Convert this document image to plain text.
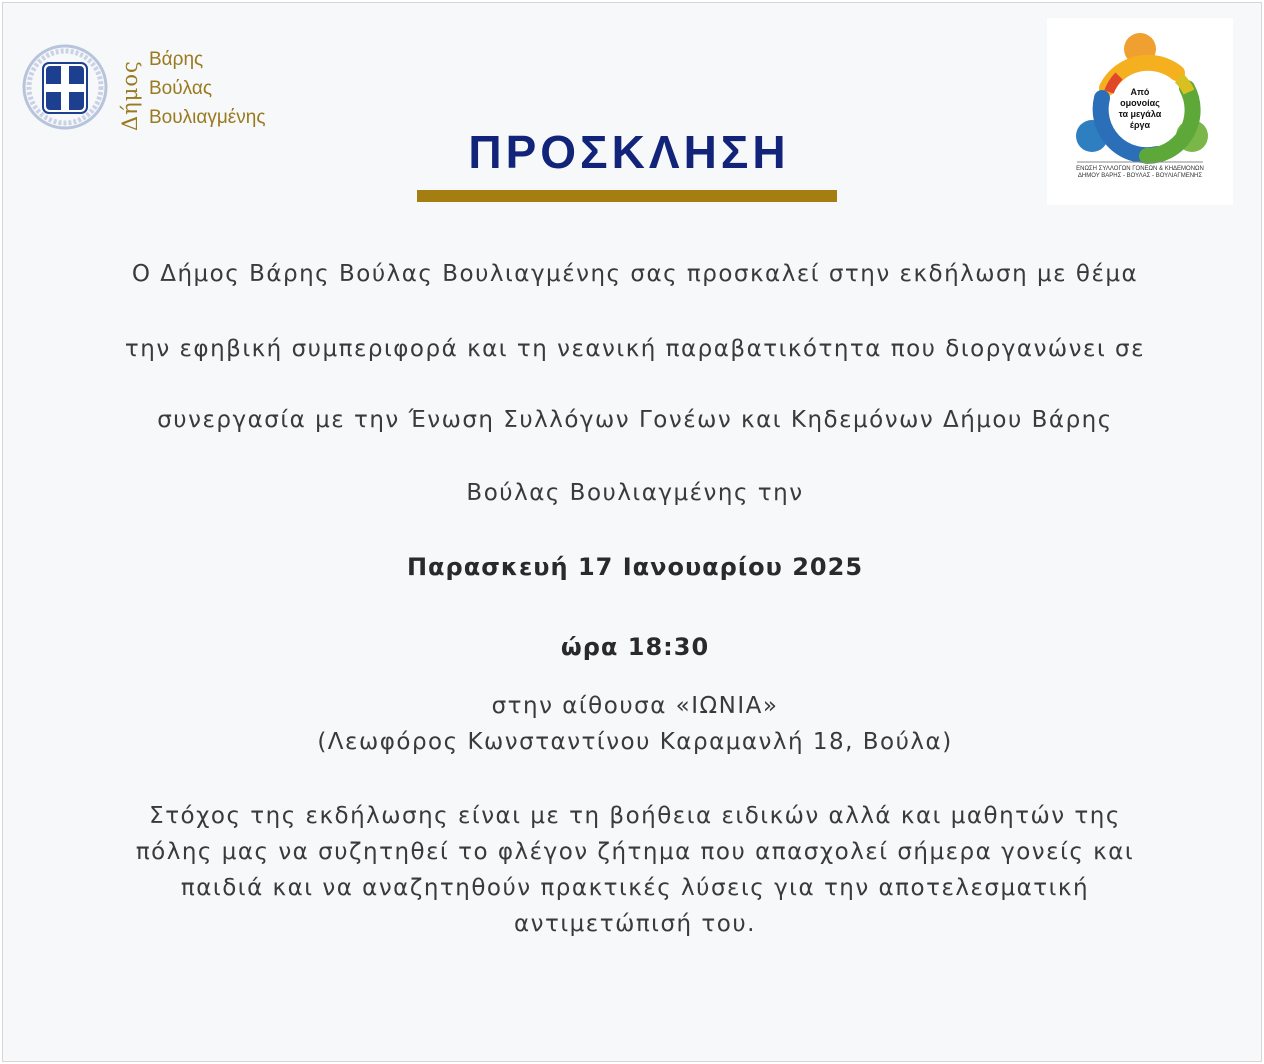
Δήμος
Βάρης
Βούλας
Βουλιαγμένης
ΠΡΟΣΚΛΗΣΗ
Από
ομονοίας
τα μεγάλα
έργα
ΕΝΩΣΗ ΣΥΛΛΟΓΩΝ ΓΟΝΕΩΝ & ΚΗΔΕΜΟΝΩΝ
ΔΗΜΟΥ ΒΑΡΗΣ - ΒΟΥΛΑΣ - ΒΟΥΛΙΑΓΜΕΝΗΣ
Ο Δήμος Βάρης Βούλας Βουλιαγμένης σας προσκαλεί στην εκδήλωση με θέμα
την εφηβική συμπεριφορά και τη νεανική παραβατικότητα που διοργανώνει σε
συνεργασία με την Ένωση Συλλόγων Γονέων και Κηδεμόνων Δήμου Βάρης
Βούλας Βουλιαγμένης την
Παρασκευή 17 Ιανουαρίου 2025
ώρα 18:30
στην αίθουσα «ΙΩΝΙΑ»
(Λεωφόρος Κωνσταντίνου Καραμανλή 18, Βούλα)
Στόχος της εκδήλωσης είναι με τη βοήθεια ειδικών αλλά και μαθητών της
πόλης μας να συζητηθεί το φλέγον ζήτημα που απασχολεί σήμερα γονείς και
παιδιά και να αναζητηθούν πρακτικές λύσεις για την αποτελεσματική
αντιμετώπισή του.
